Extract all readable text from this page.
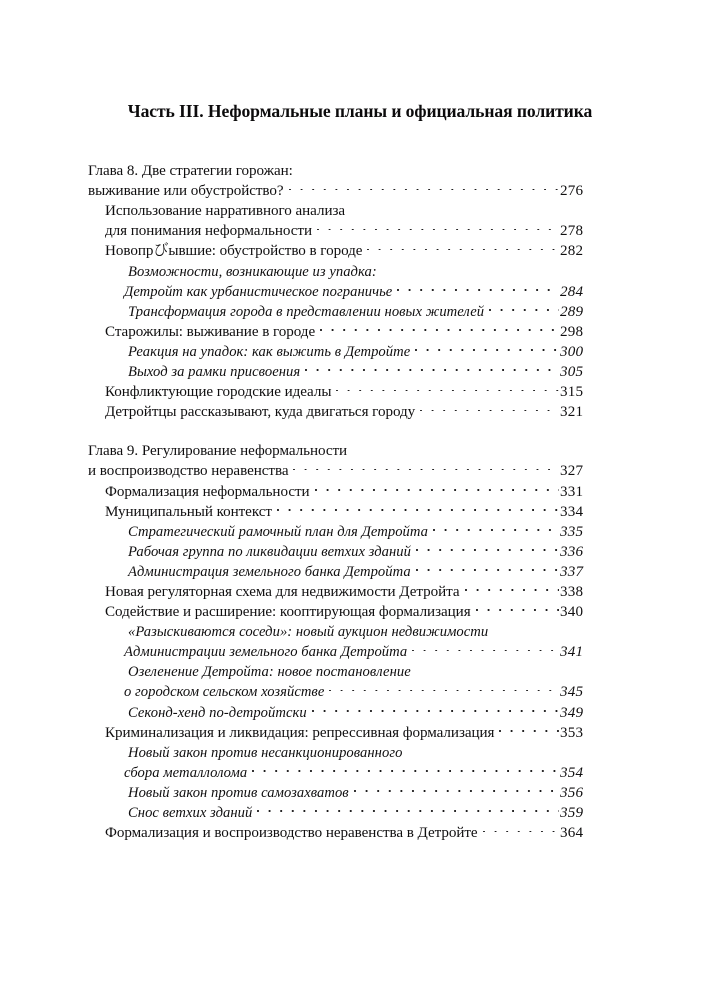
Часть III. Неформальные планы и официальная политика
Глава 8. Две стратегии горожан:
выживание или обустройство?	276
Использование нарративного анализа
для понимания неформальности	278
Новопрびывшие: обустройство в городе	282
Возможности, возникающие из упадка:
Детройт как урбанистическое пограничье	284
Трансформация города в представлении новых жителей	289
Старожилы: выживание в городе	298
Реакция на упадок: как выжить в Детройте	300
Выход за рамки присвоения	305
Конфликтующие городские идеалы	315
Детройтцы рассказывают, куда двигаться городу	321
Глава 9. Регулирование неформальности
и воспроизводство неравенства	327
Формализация неформальности	331
Муниципальный контекст	334
Стратегический рамочный план для Детройта	335
Рабочая группа по ликвидации ветхих зданий	336
Администрация земельного банка Детройта	337
Новая регуляторная схема для недвижимости Детройта	338
Содействие и расширение: кооптирующая формализация	340
«Разыскиваются соседи»: новый аукцион недвижимости
Администрации земельного банка Детройта	341
Озеленение Детройта: новое постановление
о городском сельском хозяйстве	345
Секонд-хенд по-детройтски	349
Криминализация и ликвидация: репрессивная формализация	353
Новый закон против несанкционированного
сбора металлолома	354
Новый закон против самозахватов	356
Снос ветхих зданий	359
Формализация и воспроизводство неравенства в Детройте	364
